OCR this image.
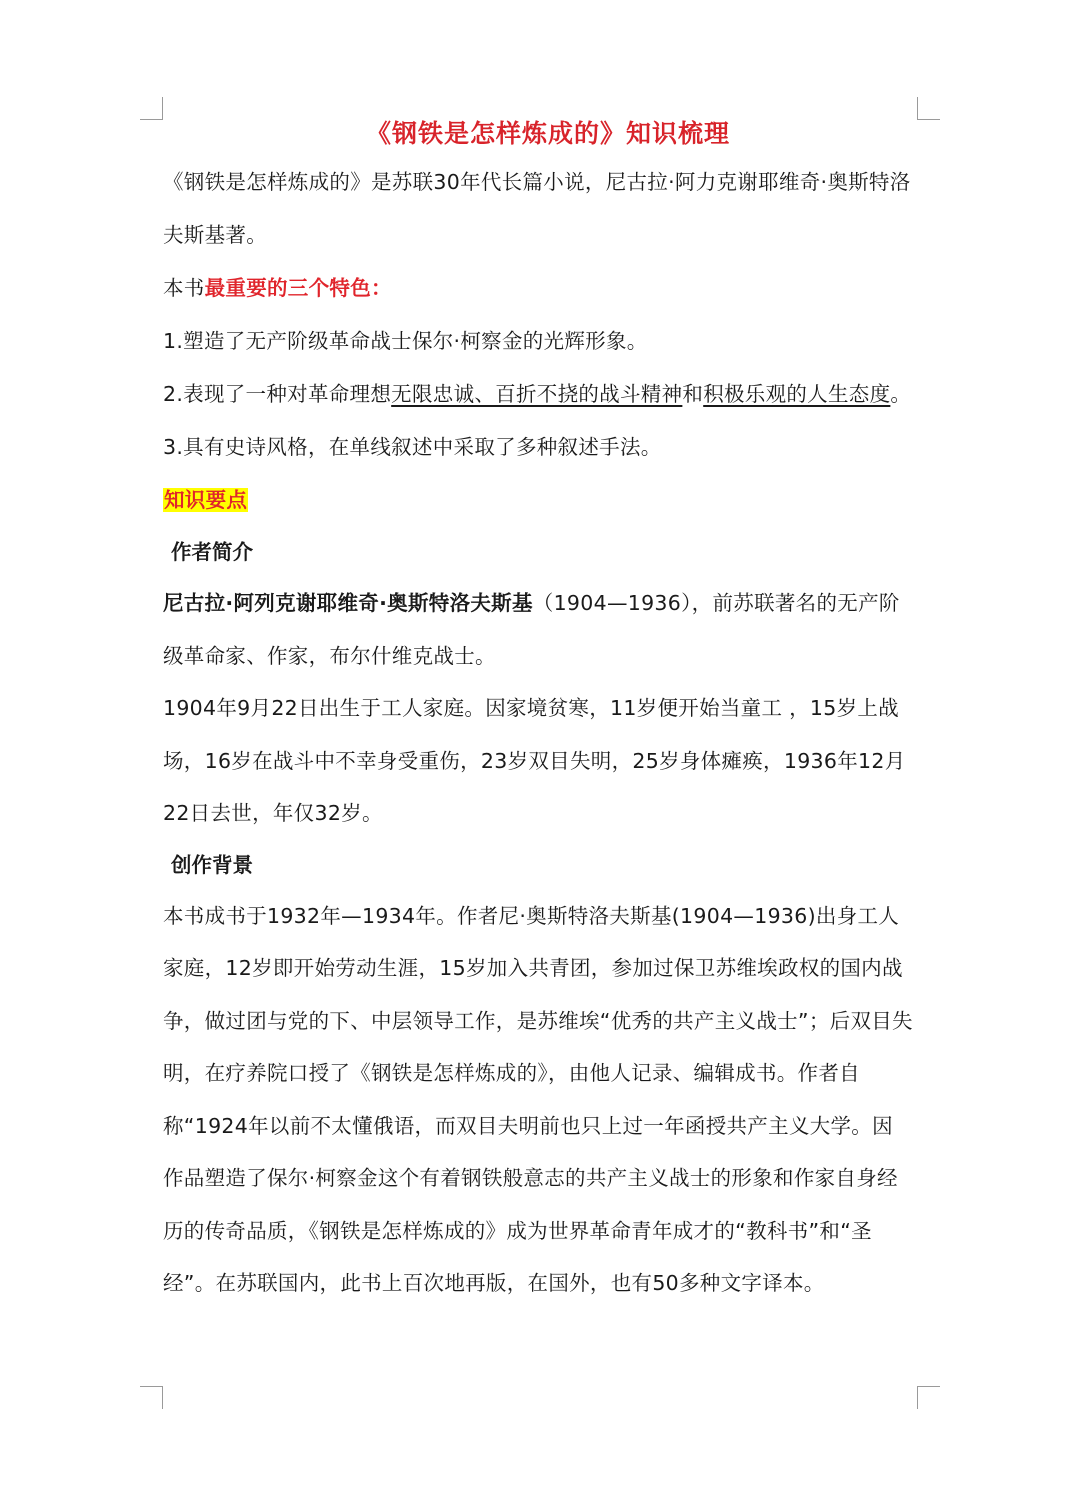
《钢铁是怎样炼成的》知识梳理

《钢铁是怎样炼成的》是苏联30年代长篇小说，尼古拉·阿力克谢耶维奇·奥斯特洛夫斯基著。

本书最重要的三个特色：

1.塑造了无产阶级革命战士保尔·柯察金的光辉形象。

2.表现了一种对革命理想无限忠诚、百折不挠的战斗精神和积极乐观的人生态度。

3.具有史诗风格，在单线叙述中采取了多种叙述手法。

知识要点

作者简介

尼古拉·阿列克谢耶维奇·奥斯特洛夫斯基（1904—1936），前苏联著名的无产阶级革命家、作家，布尔什维克战士。

1904年9月22日出生于工人家庭。因家境贫寒，11岁便开始当童工 ，15岁上战场，16岁在战斗中不幸身受重伤，23岁双目失明，25岁身体瘫痪，1936年12月22日去世，年仅32岁。

创作背景

本书成书于1932年—1934年。作者尼·奥斯特洛夫斯基(1904—1936)出身工人家庭，12岁即开始劳动生涯，15岁加入共青团，参加过保卫苏维埃政权的国内战争，做过团与党的下、中层领导工作，是苏维埃“优秀的共产主义战士”；后双目失明，在疗养院口授了《钢铁是怎样炼成的》，由他人记录、编辑成书。作者自称“1924年以前不太懂俄语，而双目夫明前也只上过一年函授共产主义大学。因作品塑造了保尔·柯察金这个有着钢铁般意志的共产主义战士的形象和作家自身经历的传奇品质，《钢铁是怎样炼成的》成为世界革命青年成才的“教科书”和“圣经”。在苏联国内，此书上百次地再版，在国外，也有50多种文字译本。
